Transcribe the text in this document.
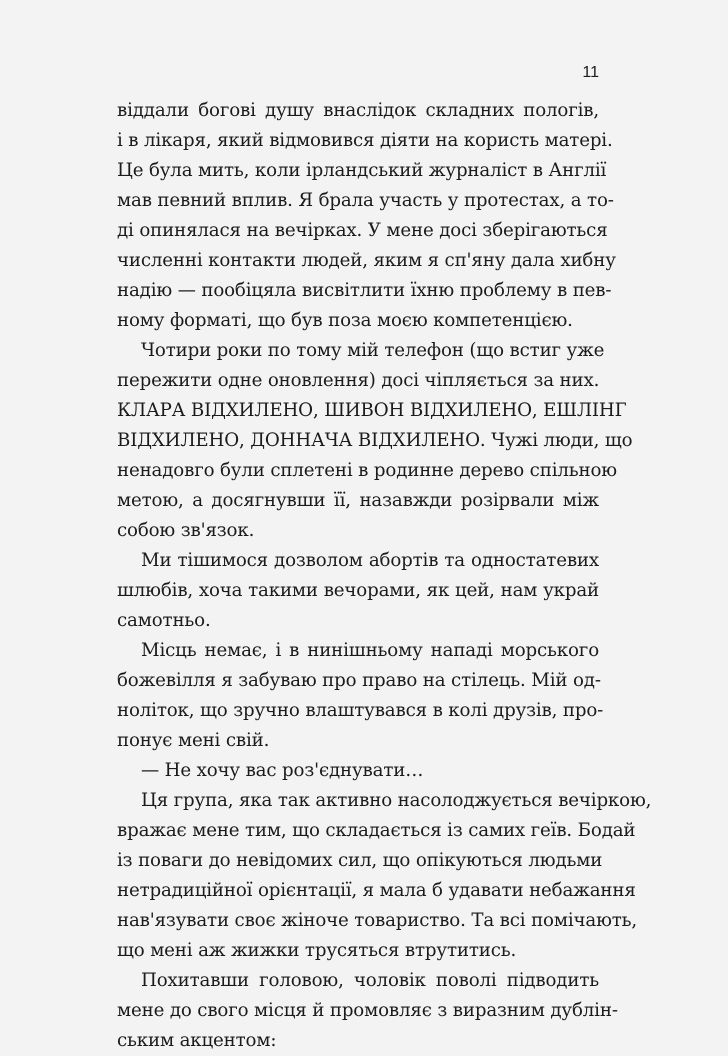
11
віддали богові душу внаслідок складних пологів,
і в лікаря, який відмовився діяти на користь матері.
Це була мить, коли ірландський журналіст в Англії
мав певний вплив. Я брала участь у протестах, а то-
ді опинялася на вечірках. У мене досі зберігаються
численні контакти людей, яким я сп'яну дала хибну
надію — пообіцяла висвітлити їхню проблему в пев-
ному форматі, що був поза моєю компетенцією.
Чотири роки по тому мій телефон (що встиг уже
пережити одне оновлення) досі чіпляється за них.
КЛАРА ВІДХИЛЕНО, ШИВОН ВІДХИЛЕНО, ЕШЛІНГ
ВІДХИЛЕНО, ДОННАЧА ВІДХИЛЕНО. Чужі люди, що
ненадовго були сплетені в родинне дерево спільною
метою, а досягнувши її, назавжди розірвали між
собою зв'язок.
Ми тішимося дозволом абортів та одностатевих
шлюбів, хоча такими вечорами, як цей, нам украй
самотньо.
Місць немає, і в нинішньому нападі морського
божевілля я забуваю про право на стілець. Мій од-
ноліток, що зручно влаштувався в колі друзів, про-
понує мені свій.
— Не хочу вас роз'єднувати…
Ця група, яка так активно насолоджується вечіркою,
вражає мене тим, що складається із самих геїв. Бодай
із поваги до невідомих сил, що опікуються людьми
нетрадиційної орієнтації, я мала б удавати небажання
нав'язувати своє жіноче товариство. Та всі помічають,
що мені аж жижки трусяться втрутитись.
Похитавши головою, чоловік поволі підводить
мене до свого місця й промовляє з виразним дублін-
ським акцентом:
